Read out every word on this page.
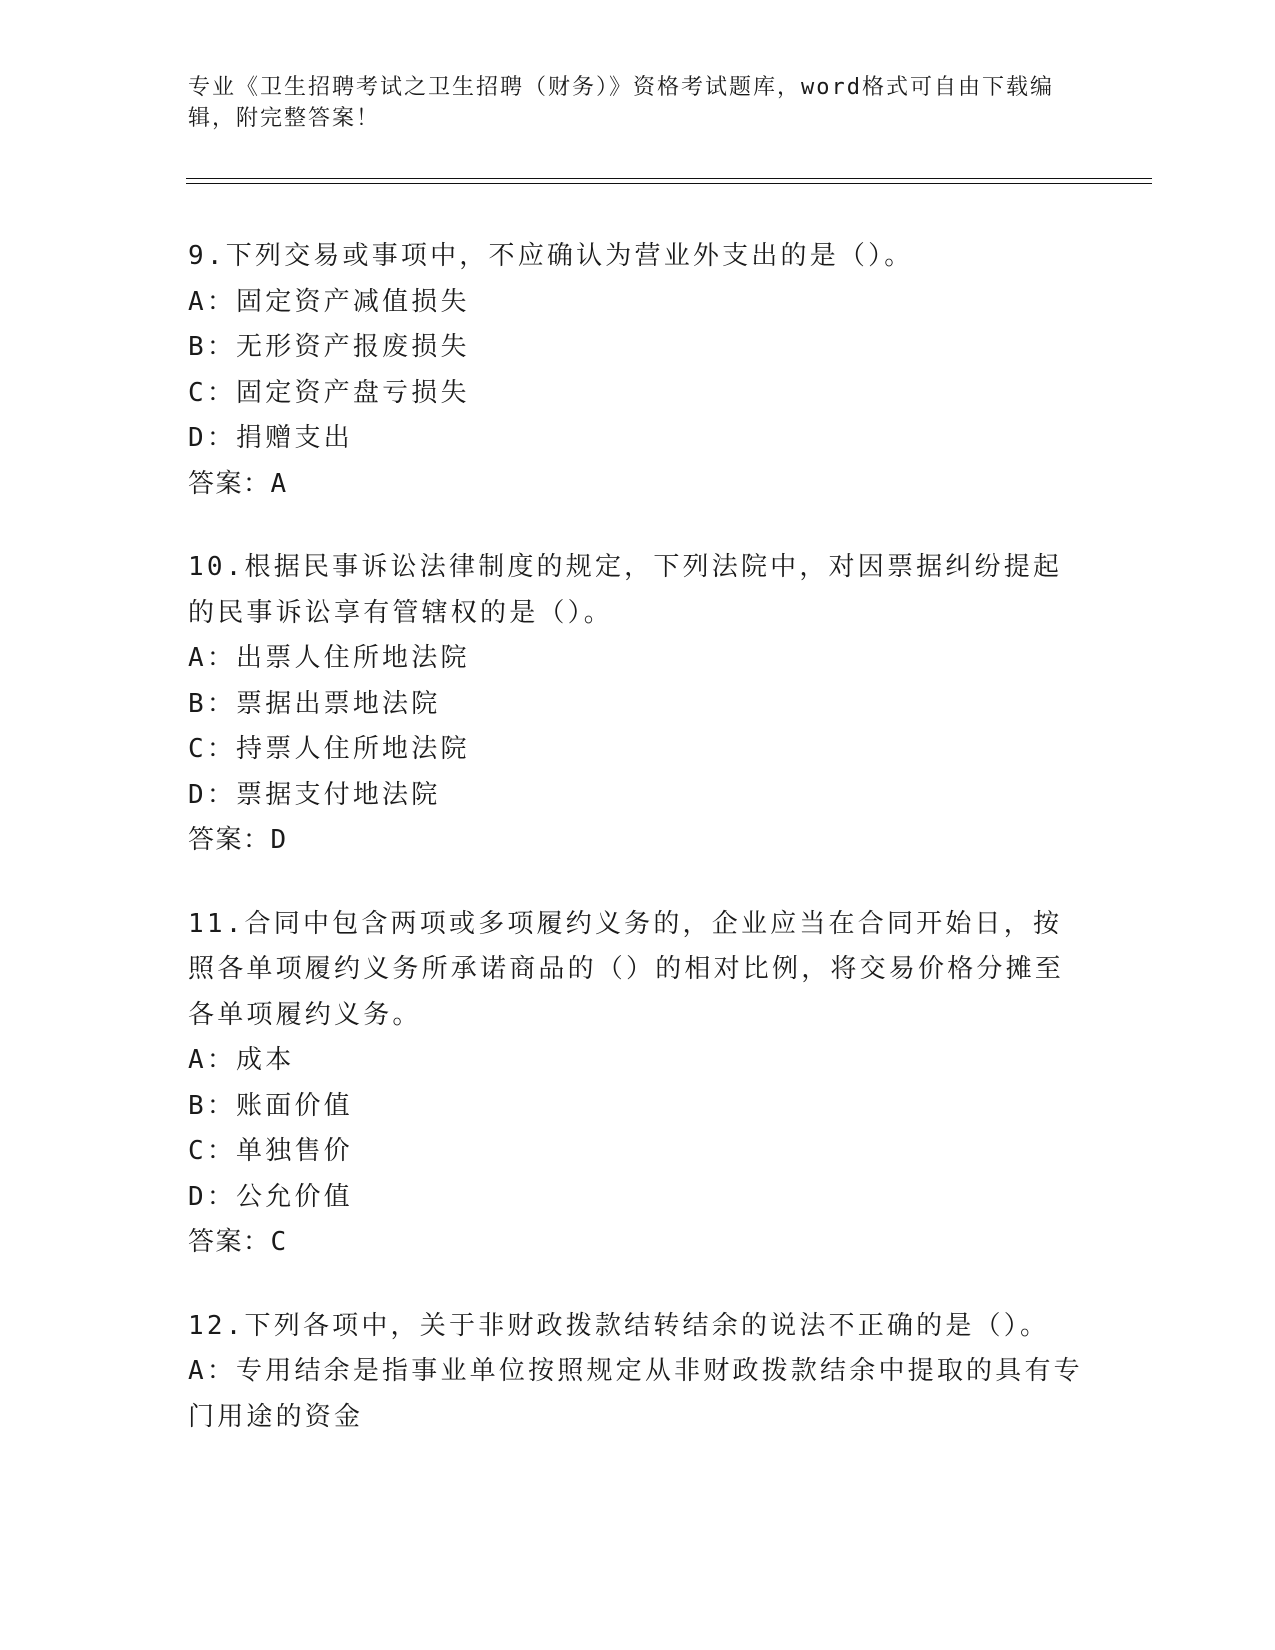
专业《卫生招聘考试之卫生招聘（财务）》资格考试题库，word格式可自由下载编辑，附完整答案！
9.下列交易或事项中，不应确认为营业外支出的是（）。
A：固定资产减值损失
B：无形资产报废损失
C：固定资产盘亏损失
D：捐赠支出
答案：A
10.根据民事诉讼法律制度的规定，下列法院中，对因票据纠纷提起的民事诉讼享有管辖权的是（）。
A：出票人住所地法院
B：票据出票地法院
C：持票人住所地法院
D：票据支付地法院
答案：D
11.合同中包含两项或多项履约义务的，企业应当在合同开始日，按照各单项履约义务所承诺商品的（）的相对比例，将交易价格分摊至各单项履约义务。
A：成本
B：账面价值
C：单独售价
D：公允价值
答案：C
12.下列各项中，关于非财政拨款结转结余的说法不正确的是（）。
A：专用结余是指事业单位按照规定从非财政拨款结余中提取的具有专门用途的资金
